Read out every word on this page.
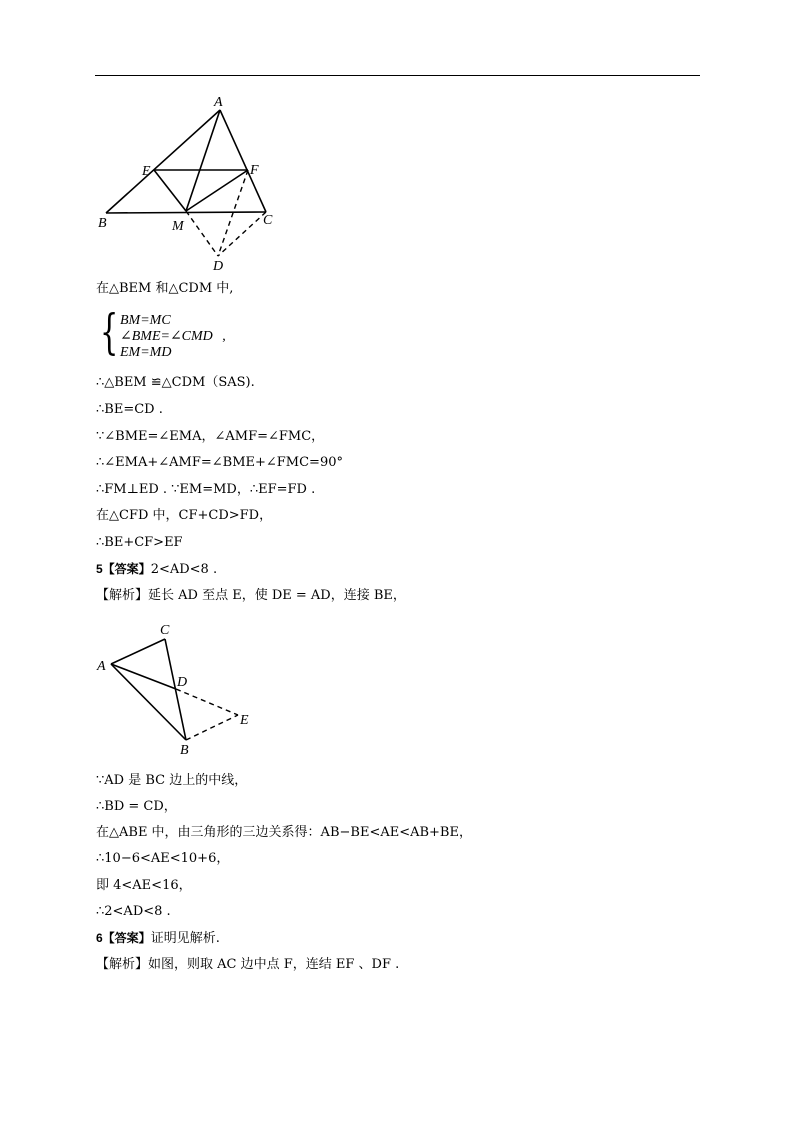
A
E	F
B	M	C
D
C
A
D
E
B
在△BEM 和△CDM 中,
{ BM=MC
∠BME=∠CMD ,
EM=MD
∴△BEM ≌△CDM（SAS).
∴BE=CD .
∵∠BME=∠EMA，∠AMF=∠FMC，
∴∠EMA+∠AMF=∠BME+∠FMC=90°
∴FM⊥ED . ∵EM=MD，∴EF=FD .
在△CFD 中，CF+CD>FD，
∴BE+CF>EF
5【答案】2<AD<8 .
【解析】延长 AD 至点 E，使 DE = AD，连接 BE，
∵AD 是 BC 边上的中线，
∴BD = CD，
在△ABE 中，由三角形的三边关系得：AB−BE<AE<AB+BE，
∴10−6<AE<10+6，
即 4<AE<16，
∴2<AD<8 .
6【答案】证明见解析.
【解析】如图，则取 AC 边中点 F，连结 EF 、DF .
